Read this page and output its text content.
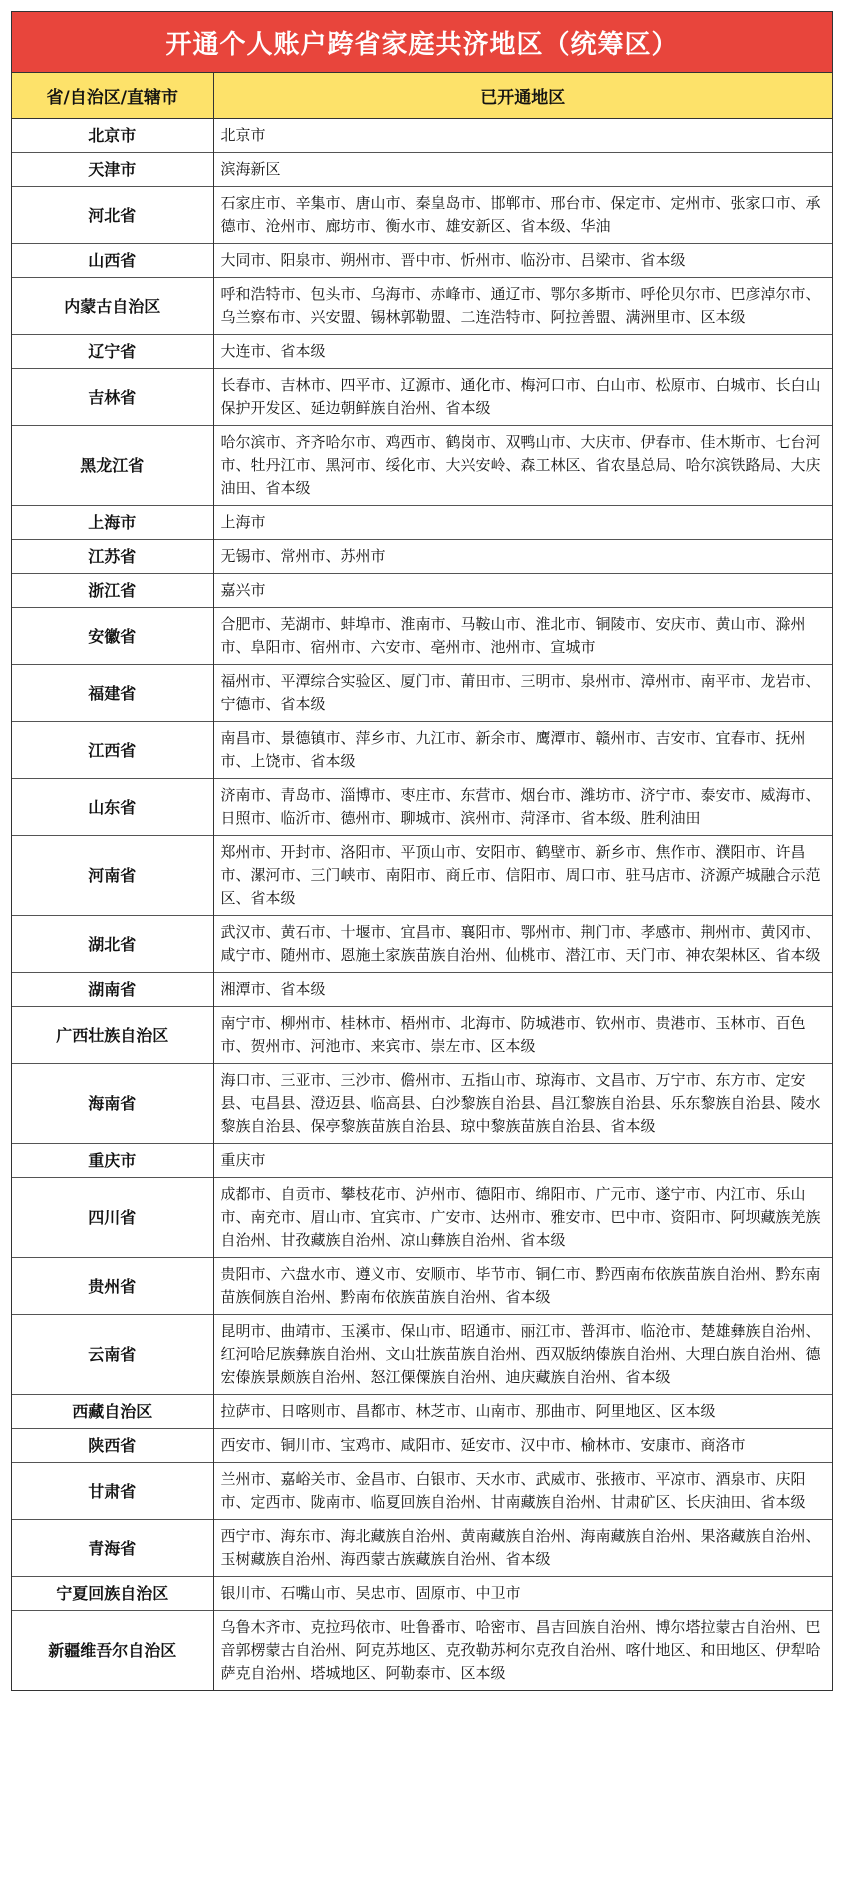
开通个人账户跨省家庭共济地区（统筹区）
省/自治区/直辖市	已开通地区
北京市	北京市
天津市	滨海新区
河北省	石家庄市、辛集市、唐山市、秦皇岛市、邯郸市、邢台市、保定市、定州市、张家口市、承德市、沧州市、廊坊市、衡水市、雄安新区、省本级、华油
山西省	大同市、阳泉市、朔州市、晋中市、忻州市、临汾市、吕梁市、省本级
内蒙古自治区	呼和浩特市、包头市、乌海市、赤峰市、通辽市、鄂尔多斯市、呼伦贝尔市、巴彦淖尔市、乌兰察布市、兴安盟、锡林郭勒盟、二连浩特市、阿拉善盟、满洲里市、区本级
辽宁省	大连市、省本级
吉林省	长春市、吉林市、四平市、辽源市、通化市、梅河口市、白山市、松原市、白城市、长白山保护开发区、延边朝鲜族自治州、省本级
黑龙江省	哈尔滨市、齐齐哈尔市、鸡西市、鹤岗市、双鸭山市、大庆市、伊春市、佳木斯市、七台河市、牡丹江市、黑河市、绥化市、大兴安岭、森工林区、省农垦总局、哈尔滨铁路局、大庆油田、省本级
上海市	上海市
江苏省	无锡市、常州市、苏州市
浙江省	嘉兴市
安徽省	合肥市、芜湖市、蚌埠市、淮南市、马鞍山市、淮北市、铜陵市、安庆市、黄山市、滁州市、阜阳市、宿州市、六安市、亳州市、池州市、宣城市
福建省	福州市、平潭综合实验区、厦门市、莆田市、三明市、泉州市、漳州市、南平市、龙岩市、宁德市、省本级
江西省	南昌市、景德镇市、萍乡市、九江市、新余市、鹰潭市、赣州市、吉安市、宜春市、抚州市、上饶市、省本级
山东省	济南市、青岛市、淄博市、枣庄市、东营市、烟台市、潍坊市、济宁市、泰安市、威海市、日照市、临沂市、德州市、聊城市、滨州市、菏泽市、省本级、胜利油田
河南省	郑州市、开封市、洛阳市、平顶山市、安阳市、鹤壁市、新乡市、焦作市、濮阳市、许昌市、漯河市、三门峡市、南阳市、商丘市、信阳市、周口市、驻马店市、济源产城融合示范区、省本级
湖北省	武汉市、黄石市、十堰市、宜昌市、襄阳市、鄂州市、荆门市、孝感市、荆州市、黄冈市、咸宁市、随州市、恩施土家族苗族自治州、仙桃市、潜江市、天门市、神农架林区、省本级
湖南省	湘潭市、省本级
广西壮族自治区	南宁市、柳州市、桂林市、梧州市、北海市、防城港市、钦州市、贵港市、玉林市、百色市、贺州市、河池市、来宾市、崇左市、区本级
海南省	海口市、三亚市、三沙市、儋州市、五指山市、琼海市、文昌市、万宁市、东方市、定安县、屯昌县、澄迈县、临高县、白沙黎族自治县、昌江黎族自治县、乐东黎族自治县、陵水黎族自治县、保亭黎族苗族自治县、琼中黎族苗族自治县、省本级
重庆市	重庆市
四川省	成都市、自贡市、攀枝花市、泸州市、德阳市、绵阳市、广元市、遂宁市、内江市、乐山市、南充市、眉山市、宜宾市、广安市、达州市、雅安市、巴中市、资阳市、阿坝藏族羌族自治州、甘孜藏族自治州、凉山彝族自治州、省本级
贵州省	贵阳市、六盘水市、遵义市、安顺市、毕节市、铜仁市、黔西南布依族苗族自治州、黔东南苗族侗族自治州、黔南布依族苗族自治州、省本级
云南省	昆明市、曲靖市、玉溪市、保山市、昭通市、丽江市、普洱市、临沧市、楚雄彝族自治州、红河哈尼族彝族自治州、文山壮族苗族自治州、西双版纳傣族自治州、大理白族自治州、德宏傣族景颇族自治州、怒江傈僳族自治州、迪庆藏族自治州、省本级
西藏自治区	拉萨市、日喀则市、昌都市、林芝市、山南市、那曲市、阿里地区、区本级
陕西省	西安市、铜川市、宝鸡市、咸阳市、延安市、汉中市、榆林市、安康市、商洛市
甘肃省	兰州市、嘉峪关市、金昌市、白银市、天水市、武威市、张掖市、平凉市、酒泉市、庆阳市、定西市、陇南市、临夏回族自治州、甘南藏族自治州、甘肃矿区、长庆油田、省本级
青海省	西宁市、海东市、海北藏族自治州、黄南藏族自治州、海南藏族自治州、果洛藏族自治州、玉树藏族自治州、海西蒙古族藏族自治州、省本级
宁夏回族自治区	银川市、石嘴山市、吴忠市、固原市、中卫市
新疆维吾尔自治区	乌鲁木齐市、克拉玛依市、吐鲁番市、哈密市、昌吉回族自治州、博尔塔拉蒙古自治州、巴音郭楞蒙古自治州、阿克苏地区、克孜勒苏柯尔克孜自治州、喀什地区、和田地区、伊犁哈萨克自治州、塔城地区、阿勒泰市、区本级
